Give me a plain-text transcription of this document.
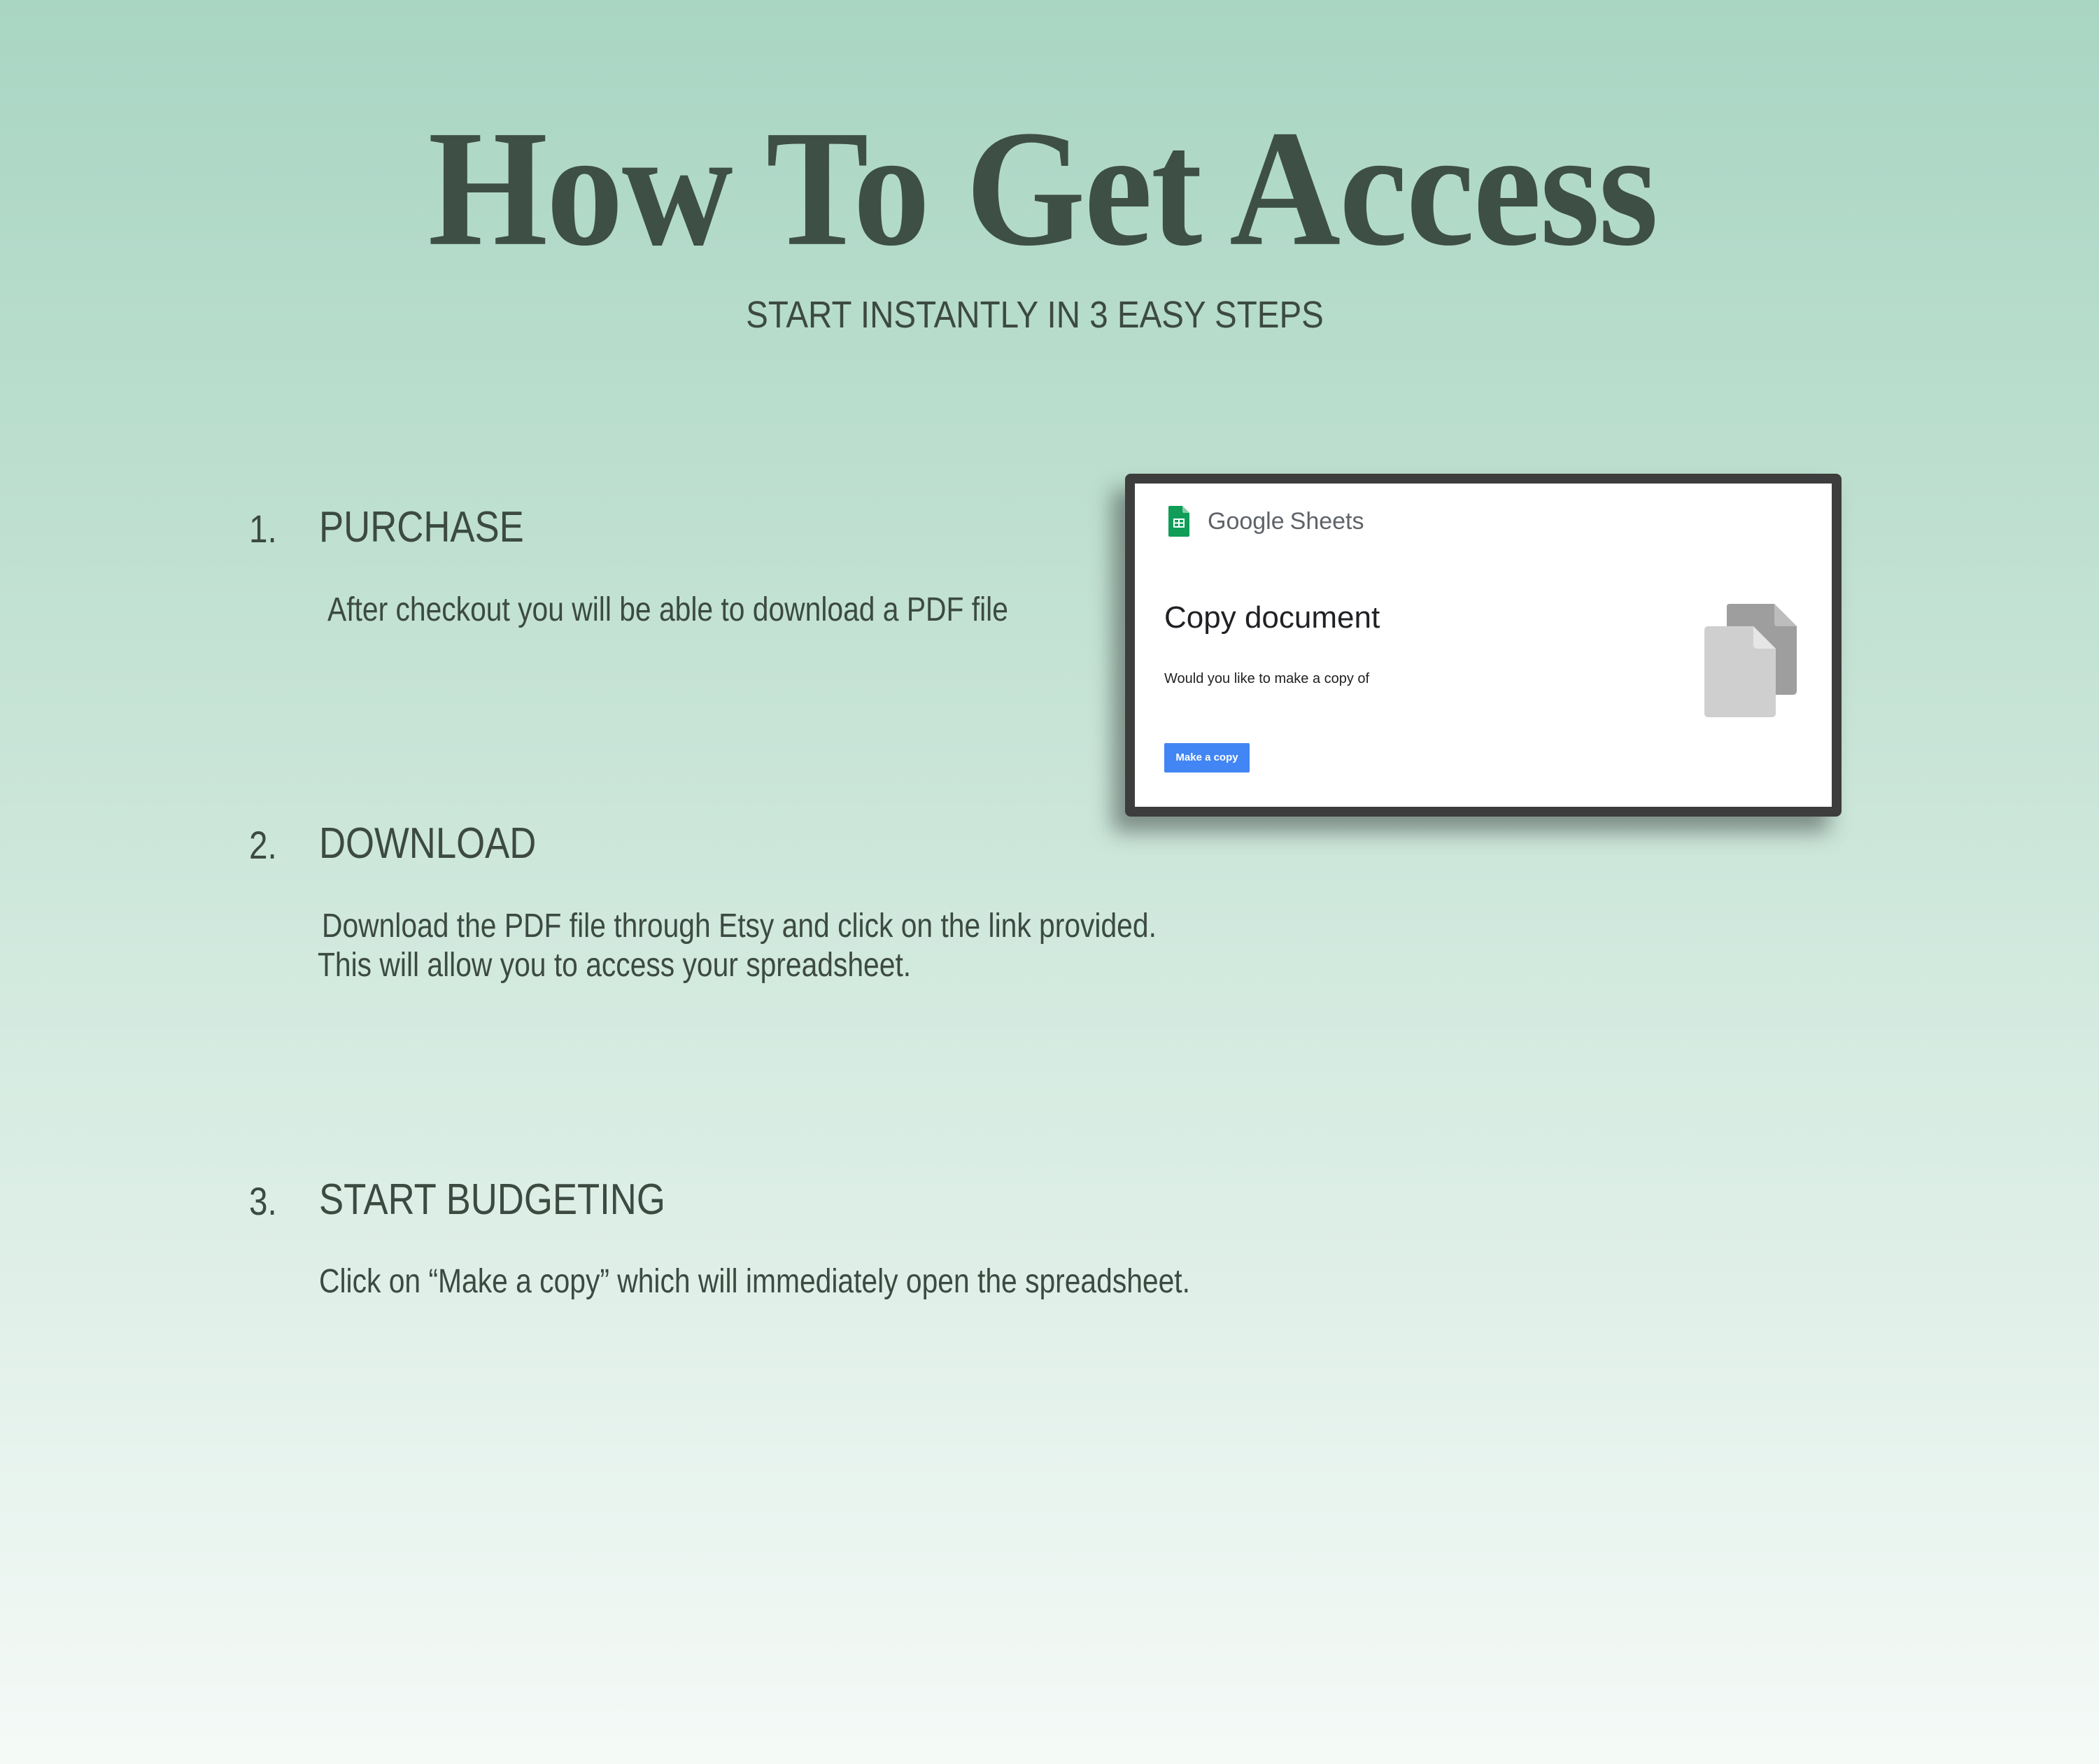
How To Get Access
START INSTANTLY IN 3 EASY STEPS
1. PURCHASE
After checkout you will be able to download a PDF file
2. DOWNLOAD
Download the PDF file through Etsy and click on the link provided.
This will allow you to access your spreadsheet.
3. START BUDGETING
Click on “Make a copy” which will immediately open the spreadsheet.
Google Sheets
Copy document
Would you like to make a copy of
Make a copy
